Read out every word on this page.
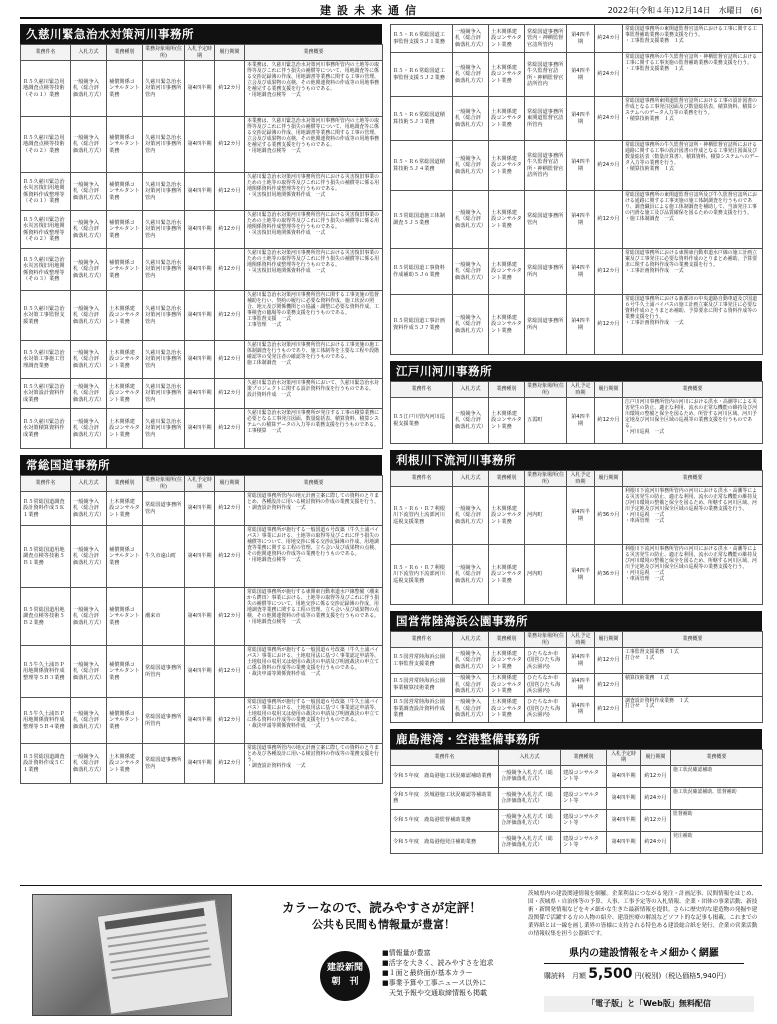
建設未来通信	2022年(令和４年)12月14日　水曜日　(6)
久慈川緊急治水対策河川事務所
業務件名	入札方式	業務種別	業務対象場所(住所)	入札予定時期	履行期間	業務概要
Ｒ５久慈川緊急用地調査点検等技術（その１）業務	一般競争入札（総合評価落札方式）	補償関係コンサルタント業務	久慈川緊急治水対策河川事務所管内	第4四半期	約12カ月	本業務は、久慈川緊急治水対策河川事務所管内の土地等の取得等及びこれに伴う損失の補償等について、用地調査等に係る交渉記録簿の作成、用地調書等業務に関する工事の管理、立会及び成果物の点検、その他関連資料の作成等の用地事務を補完する業務支援を行うものである。
・用地調査点検等　一式
Ｒ５久慈川緊急用地調査点検等技術（その２）業務	一般競争入札（総合評価落札方式）	補償関係コンサルタント業務	久慈川緊急治水対策河川事務所管内	第4四半期	約12カ月	本業務は、久慈川緊急治水対策河川事務所管内の土地等の取得等及びこれに伴う損失の補償等について、用地調査等に係る交渉記録簿の作成、用地調書等業務に関する工事の管理、立会及び成果物の点検、その他関連資料の作成等の用地事務を補完する業務支援を行うものである。
・用地調査点検等　一式
Ｒ５久慈川緊急治水災害復旧用地関係資料作成整理等（その１）業務	一般競争入札（総合評価落札方式）	補償関係コンサルタント業務	久慈川緊急治水対策河川事務所管内	第4四半期	約12カ月	久慈川緊急治水対策河川事務所管内における災害復旧事業のための土地等の取得等及びこれに伴う損失の補償等に係る用地関係資料作成整理等を行うものである。
・災害復旧用地関係資料作成　一式
Ｒ５久慈川緊急治水災害復旧用地関係資料作成整理等（その２）業務	一般競争入札（総合評価落札方式）	補償関係コンサルタント業務	久慈川緊急治水対策河川事務所管内	第4四半期	約12カ月	久慈川緊急治水対策河川事務所管内における災害復旧事業のための土地等の取得等及びこれに伴う損失の補償等に係る用地関係資料作成整理等を行うものである。
・災害復旧用地関係資料作成　一式
Ｒ５久慈川緊急治水災害復旧用地関係資料作成整理等（その３）業務	一般競争入札（総合評価落札方式）	補償関係コンサルタント業務	久慈川緊急治水対策河川事務所管内	第4四半期	約12カ月	久慈川緊急治水対策河川事務所管内における災害復旧事業のための土地等の取得等及びこれに伴う損失の補償等に係る用地関係資料作成整理等を行うものである。
・災害復旧用地関係資料作成　一式
Ｒ５久慈川緊急治水対策工事監督支援業務	一般競争入札（総合評価落札方式）	土木関係建設コンサルタント業務	久慈川緊急治水対策河川事務所管内	第4四半期	約12カ月	久慈川緊急治水対策河川事務所管内に関する工事実施の監督補助を行い、契約の履行に必要な資料作成、施工状況の照合、地元及び関係機関との協議・調整に必要な資料作成、工事検査の臨場等の業務支援を行うものである。
工事監督支援　一式
工事管理　一式
Ｒ５久慈川緊急治水対策工事施工管理調査業務	一般競争入札（総合評価落札方式）	土木関係建設コンサルタント業務	久慈川緊急治水対策河川事務所管内	第4四半期	約12カ月	久慈川緊急治水対策河川事務所管内における工事実施の施工体制調査を行うものであり、施工体制等を主要な工程や段階確認等の受発注者の確認等を行うものである。
施工体制調査　一式
Ｒ５久慈川緊急治水対策設計資料作成業務	一般競争入札（総合評価落札方式）	土木関係建設コンサルタント業務	久慈川緊急治水対策河川事務所管内	第4四半期	約12カ月	久慈川緊急治水対策河川事務所において、久慈川緊急治水対策プロジェクトに関する設計資料作成を行うものである。
設計資料作成　一式
Ｒ５久慈川緊急治水対策積算資料作成業務	一般競争入札（総合評価落札方式）	土木関係建設コンサルタント業務	久慈川緊急治水対策河川事務所管内	第4四半期	約12カ月	久慈川緊急治水対策河川事務所が発注する工事の積算業務に必要となる工事発注図面、数量総括表、積算資料、積算システムへの積算データの入力等の業務支援を行うものである。
工事積算　一式
常総国道事務所
業務件名	入札方式	業務種別	業務対象場所(住所)	入札予定時期	履行期間	業務概要
Ｒ５常総国道調査設計資料作成５Ｋ１業務	一般競争入札（総合評価落札方式）	土木関係建設コンサルタント業務	常総国道事務所管内	第4四半期	約12カ月	常総国道事務所管内の地元計画立案に際しての資料のとりまとめ、各種設計に用いる検討資料の作成の業務支援を行う。
・調査設計資料作成　一式
Ｒ５常総国道用地調査点検等技術５Ｂ１業務	一般競争入札（総合評価落札方式）	補償関係コンサルタント業務	牛久市遠山町	第4四半期	約12カ月	常総国道事務所が施行する一般国道６号改築（牛久土浦バイパス）事業における、土地等の取得等及びこれに伴う損失の補償等について、用地交渉に係る交渉記録簿の作成、用地調査等業務に関する工程の管理、立ち会い及び成果物の点検、その他関連資料の作成等の業務を行うものである。
・用地調査点検等　一式
Ｒ５常総国道用地調査点検等技術５Ｂ２業務	一般競争入札（総合評価落札方式）	補償関係コンサルタント業務	潮来市	第4四半期	約12カ月	常総国道事務所が施行する東関東自動車道水戸線整備（潮来から鉾田）事業における、土地等の取得等及びこれに伴う損失の補償等について、用地交渉に係る交渉記録簿の作成、用地調査等業務に関する工程の管理、立ち会い及び成果物の点検、その他関連資料の作成等の業務支援を行うものである。
・用地調査点検等　一式
Ｒ５牛久土浦ＢＰ用地関係資料作成整理等５Ｂ３業務	一般競争入札（総合評価落札方式）	補償関係コンサルタント業務	常総国道事務所所管内	第4四半期	約12カ月	常総国道事務所が施行する一般国道６号改築（牛久土浦バイパス）事業における、土地収用法に基づく事業認定申請等、土地収用の収用又は使用の裁決の申請及び明渡裁決の申立てに係る資料の作成等の業務支援を行うものである。
・裁決申請等関係資料作成　一式
Ｒ５牛久土浦ＢＰ用地関係資料作成整理等５Ｂ４業務	一般競争入札（総合評価落札方式）	補償関係コンサルタント業務	常総国道事務所所管内	第4四半期	約12カ月	常総国道事務所が施行する一般国道６号改築（牛久土浦バイパス）事業における、土地収用法に基づく事業認定申請等、土地収用の収用又は使用の裁決の申請及び明渡裁決の申立てに係る資料の作成等の業務支援を行うものである。
・裁決申請等関係資料作成　一式
Ｒ５常総国道調査設計資料作成５Ｃ１業務	一般競争入札（総合評価落札方式）	土木関係建設コンサルタント業務	常総国道事務所管内	第4四半期	約12カ月	常総国道事務所管内の地元計画立案に際しての資料のとりまとめ及び各種設計に用いる検討資料の作成等の業務支援を行う。
・調査設計資料作成　一式
Ｒ５・Ｒ６常総国道工事監督支援５Ｊ１業務	一般競争入札（総合評価落札方式）	土木関係建設コンサルタント業務	常総国道事務所管内・神栖監督官詰所管内	第4四半期	約24カ月	常総国道事務所の東関道監督官詰所における工事に関する工事監督補助業務の業務支援を行う。
・工事監督支援業務　１式
Ｒ５・Ｒ６常総国道工事監督支援５Ｊ２業務	一般競争入札（総合評価落札方式）	土木関係建設コンサルタント業務	常総国道事務所牛久監督官詰所・神栖監督官詰所管内	第4四半期	約24カ月	常総国道事務所の牛久監督官詰所・神栖監督官詰所における工事に関する工事実施の監督補助業務の業務支援を行う。
・工事監督支援業務　１式
Ｒ５・Ｒ６常総国道積算技術５Ｊ３業務	一般競争入札（総合評価落札方式）	土木関係建設コンサルタント業務	常総国道事務所東関道監督官詰所管内	第4四半期	約24カ月	常総国道事務所東関道監督官詰所における工事の設計図書の作成となる工事発注図面及び数量総括表、積算資料、積算システムへのデータ入力等の業務を行う。
・積算技術業務　１式
Ｒ５・Ｒ６常総国道積算技術５Ｊ４業務	一般競争入札（総合評価落札方式）	土木関係建設コンサルタント業務	常総国道事務所牛久監督官詰所・神栖監督官詰所管内	第4四半期	約24カ月	常総国道事務所の牛久監督官詰所・神栖監督官詰所における通路に関する工事の設計図書の作成となる工事発注図面及び数量総括表（数量計算書）、積算資料、積算システムへのデータ入力等の業務を行う。
・積算技術業務　１式
Ｒ５常総国道施工体制調査５Ｊ５業務	一般競争入札（総合評価落札方式）	土木関係建設コンサルタント業務	常総国道事務所管内	第4四半期	約12カ月	常総国道事務所の東関道監督官詰所及び牛久監督官詰所における通路に関する工事実施の施工体制調査を行うものであり、調査職員による施工体制調査を補助して、当該発注工事の円滑な施工及び品質確保を図るための業務支援を行う。
・施工体制調査　一式
Ｒ５常総国道工事資料作成補助５Ｊ６業務	一般競争入札（総合評価落札方式）	土木関係建設コンサルタント業務	常総国道事務所所内	第4四半期	約12カ月	常総国道事務所における東関東自動車道水戸線の施工計画立案及び工事発注に必要な資料作成のとりまとめ補助、予算要求に関する資料作成等の業務支援を行う。
・工事計画資料作成　一式
Ｒ５常総国道工事計画資料作成５Ｊ７業務	一般競争入札（総合評価落札方式）	土木関係建設コンサルタント業務	常総国道事務所所内	第4四半期	約12カ月	常総国道事務所における新都市の中央道路自動車道及び国道６号牛久土浦バイパスの施工計画立案及び工事発注に必要な資料作成のとりまとめ補助、予算要求に関する資料作成等の業務支援を行う。
・工事計画資料作成　一式
江戸川河川事務所
業務件名	入札方式	業務種別	業務対象場所(住所)	入札予定時期	履行期間	業務概要
Ｒ５江戸川管内河川巡視支援業務	一般競争入札（総合評価落札方式）	土木関係建設コンサルタント業務	五霞町	第4四半期	約12カ月	江戸川河川事務所管内の河川における洪水・高潮等による災害発生の防止、適正な利用、流水の正常な機能の維持及び河川環境の整備と保全を図るため、所管する河川区域、河川予定地及び河川保全区域の巡視等の業務支援を行うものである。
・河川巡視　一式
利根川下流河川事務所
業務件名	入札方式	業務種別	業務対象場所(住所)	入札予定時期	履行期間	業務概要
Ｒ５・Ｒ６・Ｒ７利根川下流管内上流部河川巡視支援業務	一般競争入札（総合評価落札方式）	土木関係建設コンサルタント業務	河内町	第4四半期	約36カ月	利根川下流河川事務所管内の河川における洪水・高潮等による災害発生の防止、適正な利用、流水の正常な機能の維持及び河川環境の整備と保全を図るため、所轄する河川区域、河川予定地及び河川保全区域の巡視等の業務支援を行う。
・河川巡視　一式
・車両管理　一式
Ｒ５・Ｒ６・Ｒ７利根川下流管内下流部河川巡視支援業務	一般競争入札（総合評価落札方式）	土木関係建設コンサルタント業務	河内町	第4四半期	約36カ月	利根川下流河川事務所管内の河川における洪水・高潮等による災害発生の防止、適正な利用、流水の正常な機能の維持及び河川環境の整備と保全を図るため、所轄する河川区域、河川予定地及び河川保全区域の巡視等の業務支援を行う。
・河川巡視　一式
・車両管理　一式
国営常陸海浜公園事務所
業務件名	入札方式	業務種別	業務対象場所(住所)	入札予定時期	履行期間	業務概要
Ｒ５国営常陸海浜公園工事監督支援業務	一般競争入札（総合評価落札方式）	土木関係建設コンサルタント業務	ひたちなか市(国営ひたち海浜公園内)	第4四半期	約12カ月	工事監督支援業務　１式
打合せ　１式
Ｒ５国営常陸海浜公園事業積算技術業務	一般競争入札（総合評価落札方式）	土木関係建設コンサルタント業務	ひたちなか市(国営ひたち海浜公園内)	第4四半期	約12カ月	積算技術業務　１式
Ｒ５国営常陸海浜公園事業調査設計資料作成業務	一般競争入札（総合評価落札方式）	土木関係建設コンサルタント業務	ひたちなか市(国営ひたち海浜公園内)	第4四半期	約12カ月	調査設計資料作成業務　１式
打合せ　１式
鹿島港湾・空港整備事務所
業務件名	入札方式	業務種別	入札予定時期	履行期間	業務概要
令和５年度　鹿島港施工状況確認補助業務	一般競争入札方式（総合評価落札方式）	建設コンサルタント等	第4四半期	約12カ月	施工状況確認補助
令和５年度　茨城港施工状況確認等補助業務	一般競争入札方式（総合評価落札方式）	建設コンサルタント等	第4四半期	約24カ月	施工状況確認補助、監督補助
令和５年度　鹿島港監督補助業務	一般競争入札方式（総合評価落札方式）	建設コンサルタント等	第4四半期	約12カ月	監督補助
令和５年度　鹿島港他発注補助業務	一般競争入札方式（総合評価落札方式）	建設コンサルタント等	第4四半期	約24カ月	発注補助
カラーなので、読みやすさが定評！
公共も民間も情報量が豊富！
建設新聞
朝　刊
■情報量が豊富
■活字を大きく、読みやすさを追求
■１面と最終面が基本カラー
■事業予算や工事ニュース以外に
　天気予報や交通取締情報も掲載
茨城県内の建設関連情報を網羅。企業利益につながる発注・計画記事、民間情報をはじめ、国・茨城県・自治体等の予算、人事、工事予定等の入札情報、企業・団体の事業活動、新技術・新開発情報などをキメ細かな生きた最新情報を提供。さらに歴史的な建造物の発掘や建設関係で活躍する方の人物の紹介、建設医療の解説などソフト的な記事も掲載。これまでの業界紙とは一線を画し業界の皆様に支持される特色ある建設総合紙を発行、企業の営業活動の情報収集を担う公器紙です。
県内の建設情報をキメ細かく網羅
購読料　月額 5,500 円(税別)（税込価格5,940円）
「電子版」と「Web版」無料配信
